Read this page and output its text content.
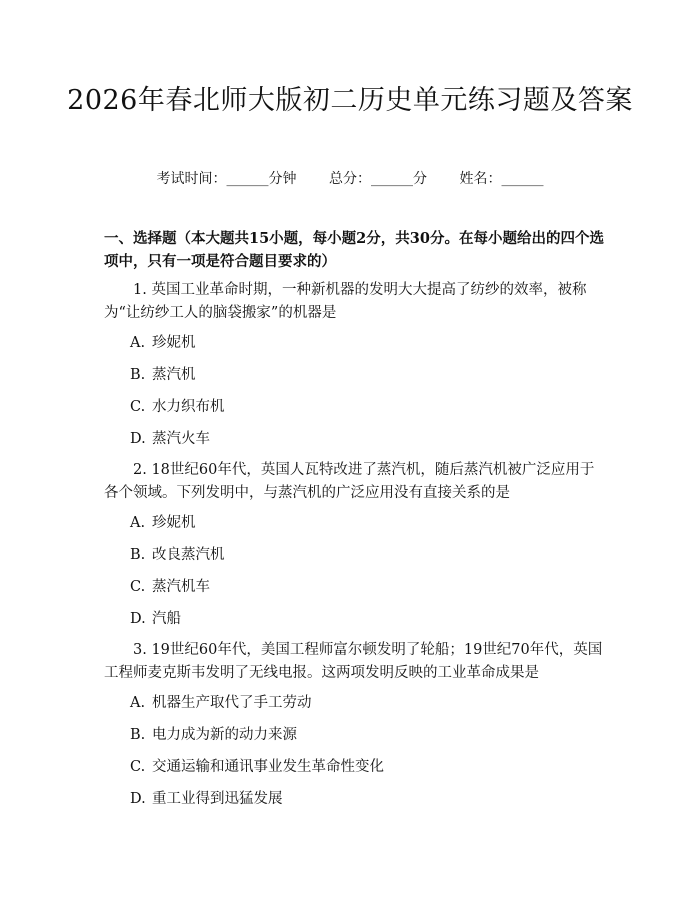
2026年春北师大版初二历史单元练习题及答案
考试时间：______分钟 总分：______分 姓名：______
一、选择题（本大题共15小题，每小题2分，共30分。在每小题给出的四个选项中，只有一项是符合题目要求的）
1. 英国工业革命时期，一种新机器的发明大大提高了纺纱的效率，被称为“让纺纱工人的脑袋搬家”的机器是
A. 珍妮机
B. 蒸汽机
C. 水力织布机
D. 蒸汽火车
2. 18世纪60年代，英国人瓦特改进了蒸汽机，随后蒸汽机被广泛应用于各个领域。下列发明中，与蒸汽机的广泛应用没有直接关系的是
A. 珍妮机
B. 改良蒸汽机
C. 蒸汽机车
D. 汽船
3. 19世纪60年代，美国工程师富尔顿发明了轮船；19世纪70年代，英国工程师麦克斯韦发明了无线电报。这两项发明反映的工业革命成果是
A. 机器生产取代了手工劳动
B. 电力成为新的动力来源
C. 交通运输和通讯事业发生革命性变化
D. 重工业得到迅猛发展
